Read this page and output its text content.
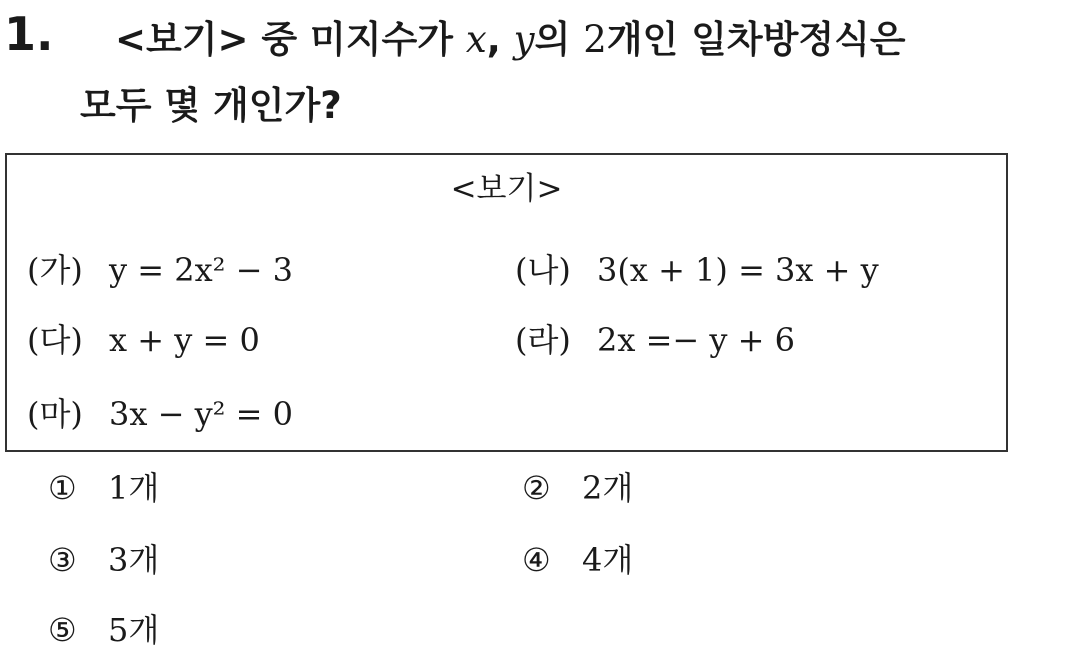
1. <보기> 중 미지수가 x, y의 2개인 일차방정식은
모두 몇 개인가?
<보기>
(가) y = 2x² − 3	(나) 3(x + 1) = 3x + y
(다) x + y = 0	(라) 2x =− y + 6
(마) 3x − y² = 0
① 1개	② 2개
③ 3개	④ 4개
⑤ 5개
